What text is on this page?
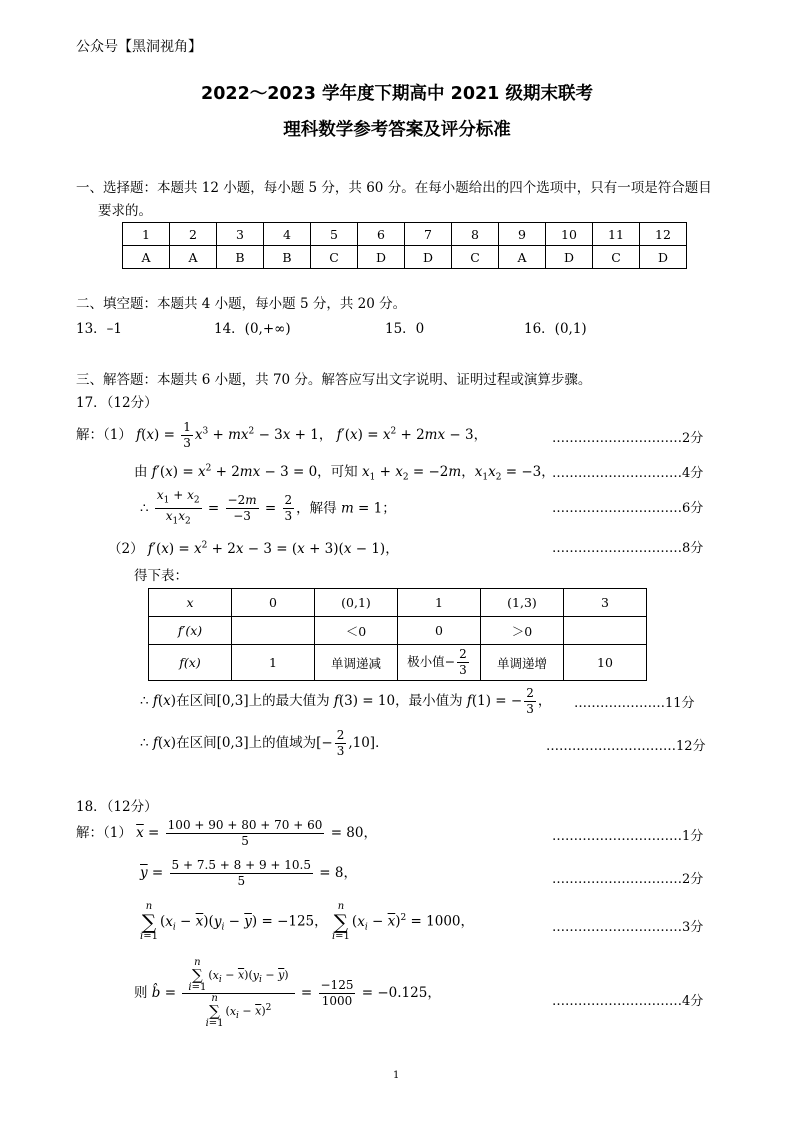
公众号【黑洞视角】
2022～2023 学年度下期高中 2021 级期末联考
理科数学参考答案及评分标准
一、选择题：本题共 12 小题，每小题 5 分，共 60 分。在每小题给出的四个选项中，只有一项是符合题目
要求的。
1	2	3	4	5	6	7	8	9	10	11	12
A	A	B	B	C	D	D	C	A	D	C	D
二、填空题：本题共 4 小题，每小题 5 分，共 20 分。
13．–1	14．(0,+∞)	15．0	16．(0,1)
三、解答题：本题共 6 小题，共 70 分。解答应写出文字说明、证明过程或演算步骤。
17．（12分）
解：（1） $f(x) = \frac{1}{3} x^3 + mx^2 - 3x + 1$， $f'(x) = x^2 + 2mx - 3$，	…………………………2分
由 $f'(x) = x^2 + 2mx - 3 = 0$，可知 $x_1 + x_2 = -2m$，$x_1x_2 = -3$，
…………………………4分
∴ $\frac{x_1 + x_2}{x_1x_2} = \frac{-2m}{-3} = \frac{2}{3}$ ，解得 m = 1；	…………………………6分
（2） $f'(x) = x^2 + 2x - 3 = (x + 3)(x - 1)$，	…………………………8分
得下表：
x	0	(0,1)	1	(1,3)	3
f′(x)		＜0	0	＞0	
f(x)	1	单调递减	极小值− $\frac{2}{3}$	单调递增	10
∴ f(x)在区间[0,3]上的最大值为 f(3) = 10，最小值为 f(1) = − $\frac{2}{3}$ ， …………………11分
∴ f(x)在区间[0,3]上的值域为[− $\frac{2}{3} ,10$]．	…………………………12分
18．（12分）
解：（1） $\overline{x} = \frac{100 + 90 + 80 + 70 + 60}{5} = 80$，	…………………………1分
$\overline{y} = \frac{5 + 7.5 + 8 + 9 + 10.5}{5} = 8$，	…………………………2分
n
∑
$i=1(x_i - \overline{x})(y_i - \overline{y}) = -125$， n
∑
$i=1(x_i - \overline{x})^2 = 1000$，	…………………………3分
则 b̂ = n
∑
$i=1(x_i - \overline{x})(y_i - \overline{y})$
n
∑
$i=1(x_i - \overline{x})^2 = \frac{-125}{1000} = -0.125$，
…………………………4分
1
